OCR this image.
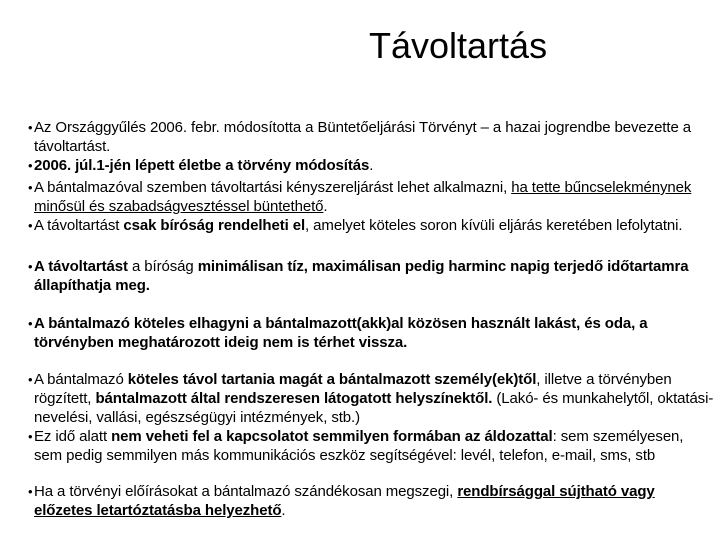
Távoltartás
• Az Országgyűlés 2006. febr. módosította a Büntetőeljárási Törvényt – a hazai jogrendbe bevezette a távoltartást.
• 2006. júl.1-jén lépett életbe a törvény módosítás.
• A bántalmazóval szemben távoltartási kényszereljárást lehet alkalmazni, ha tette bűncselekménynek minősül és szabadságvesztéssel büntethető.
• A távoltartást csak bíróság rendelheti el, amelyet köteles soron kívüli eljárás keretében lefolytatni.
• A távoltartást a bíróság minimálisan tíz, maximálisan pedig harminc napig terjedő időtartamra állapíthatja meg.
• A bántalmazó köteles elhagyni a bántalmazott(akk)al közösen használt lakást, és oda, a törvényben meghatározott ideig nem is térhet vissza.
• A bántalmazó köteles távol tartania magát a bántalmazott személy(ek)től, illetve a törvényben rögzített, bántalmazott által rendszeresen látogatott helyszínektől. (Lakó- és munkahelytől, oktatási-nevelési, vallási, egészségügyi intézmények, stb.)
• Ez idő alatt nem veheti fel a kapcsolatot semmilyen formában az áldozattal: sem személyesen, sem pedig semmilyen más kommunikációs eszköz segítségével: levél, telefon, e-mail, sms, stb
• Ha a törvényi előírásokat a bántalmazó szándékosan megszegi, rendbírsággal sújtható vagy előzetes letartóztatásba helyezhető.
